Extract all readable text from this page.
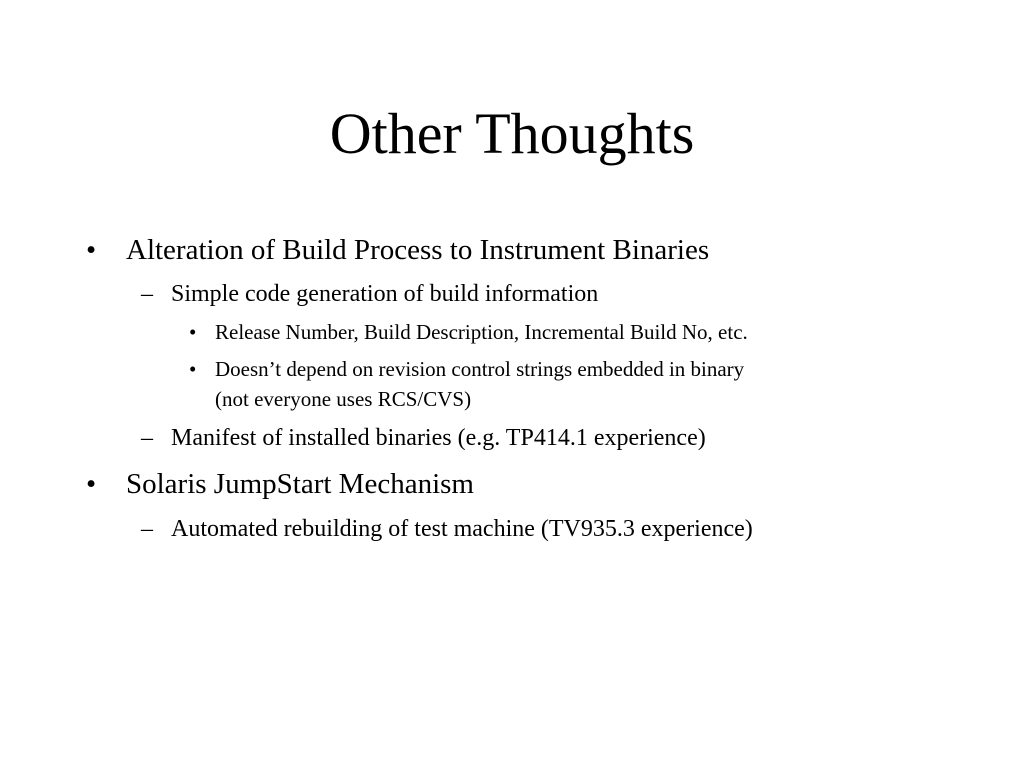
Other Thoughts
• Alteration of Build Process to Instrument Binaries
– Simple code generation of build information
• Release Number, Build Description, Incremental Build No, etc.
• Doesn’t depend on revision control strings embedded in binary
(not everyone uses RCS/CVS)
– Manifest of installed binaries (e.g. TP414.1 experience)
• Solaris JumpStart Mechanism
– Automated rebuilding of test machine (TV935.3 experience)
